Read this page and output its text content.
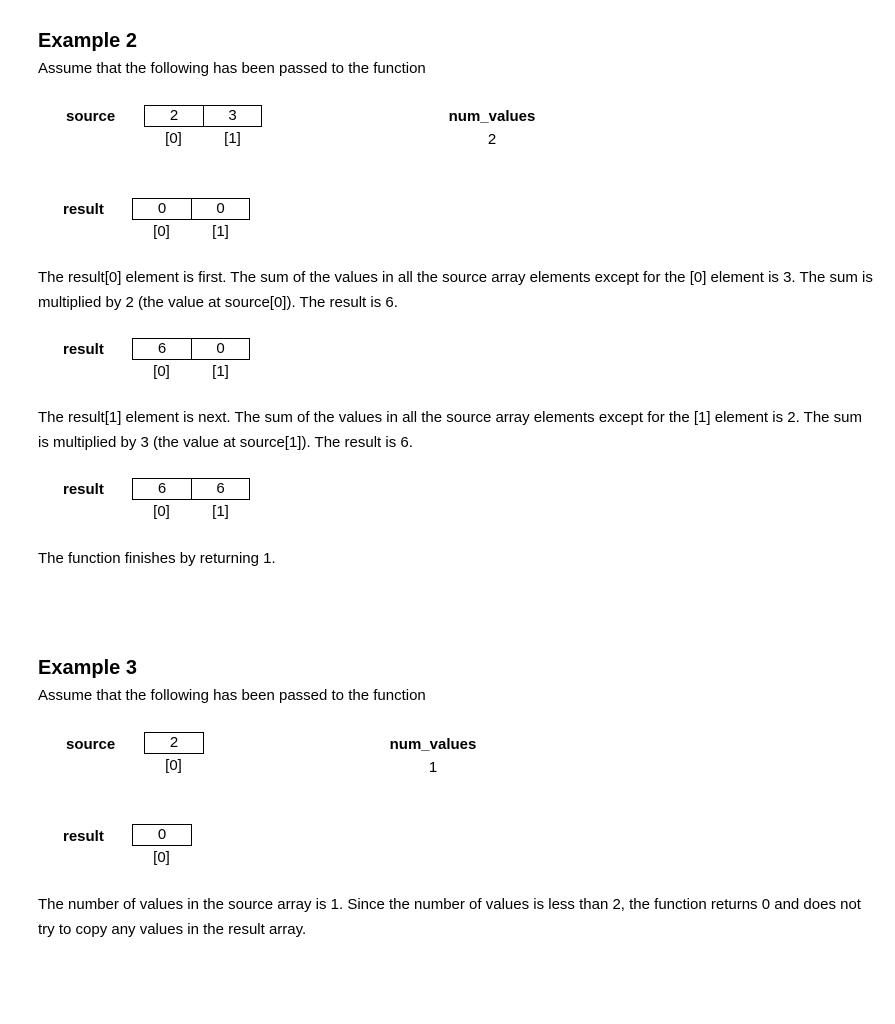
Example 2
Assume that the following has been passed to the function
source	2	3
[0]	[1]
num_values
2
result	0	0
[0]	[1]
The result[0] element is first. The sum of the values in all the source array elements except for the [0] element is 3. The sum is multiplied by 2 (the value at source[0]). The result is 6.
result	6	0
[0]	[1]
The result[1] element is next. The sum of the values in all the source array elements except for the [1] element is 2. The sum is multiplied by 3 (the value at source[1]). The result is 6.
result	6	6
[0]	[1]
The function finishes by returning 1.
Example 3
Assume that the following has been passed to the function
source	2
[0]
num_values
1
result	0
[0]
The number of values in the source array is 1. Since the number of values is less than 2, the function returns 0 and does not try to copy any values in the result array.
